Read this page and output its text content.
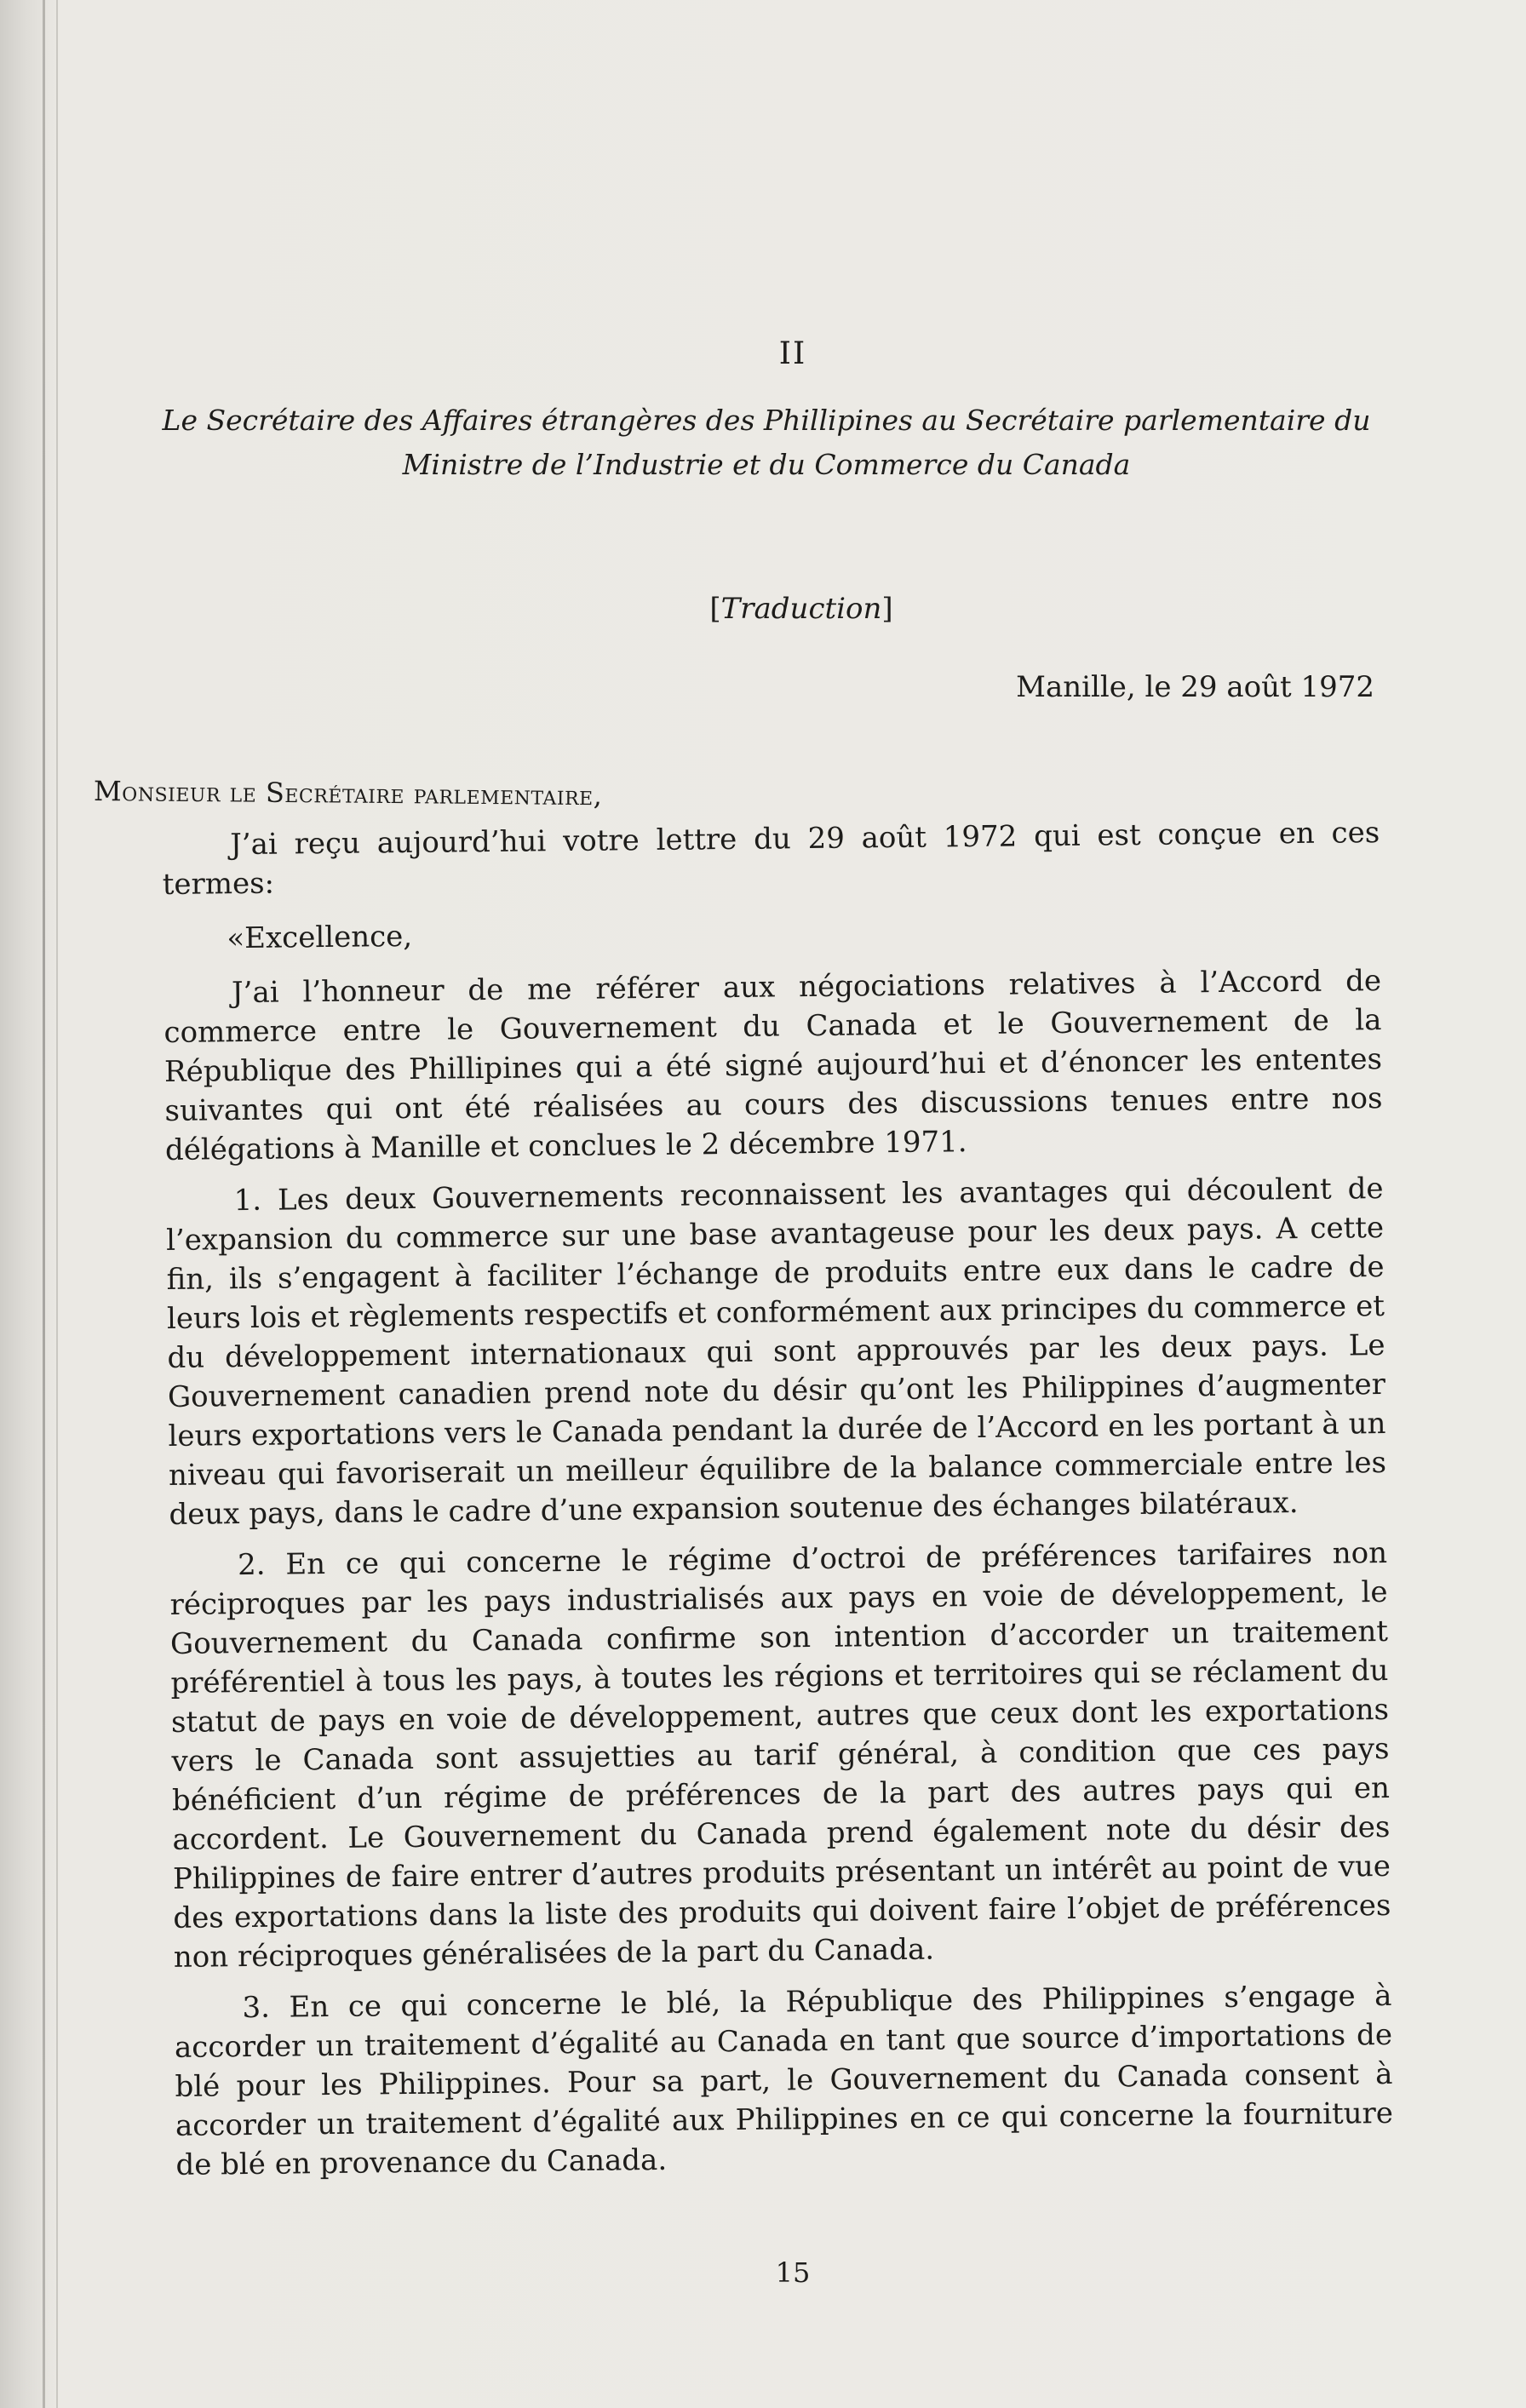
II
Le Secrétaire des Affaires étrangères des Phillipines au Secrétaire parlementaire du Ministre de l’Industrie et du Commerce du Canada
[Traduction]
Manille, le 29 août 1972
Monsieur le Secrétaire parlementaire,

J’ai reçu aujourd’hui votre lettre du 29 août 1972 qui est conçue en ces termes:

«Excellence,

J’ai l’honneur de me référer aux négociations relatives à l’Accord de commerce entre le Gouvernement du Canada et le Gouvernement de la République des Phillipines qui a été signé aujourd’hui et d’énoncer les ententes suivantes qui ont été réalisées au cours des discussions tenues entre nos délégations à Manille et conclues le 2 décembre 1971.

1. Les deux Gouvernements reconnaissent les avantages qui découlent de l’expansion du commerce sur une base avantageuse pour les deux pays. A cette fin, ils s’engagent à faciliter l’échange de produits entre eux dans le cadre de leurs lois et règlements respectifs et conformément aux principes du commerce et du développement internationaux qui sont approuvés par les deux pays. Le Gouvernement canadien prend note du désir qu’ont les Philippines d’augmenter leurs exportations vers le Canada pendant la durée de l’Accord en les portant à un niveau qui favoriserait un meilleur équilibre de la balance commerciale entre les deux pays, dans le cadre d’une expansion soutenue des échanges bilatéraux.

2. En ce qui concerne le régime d’octroi de préférences tarifaires non réciproques par les pays industrialisés aux pays en voie de développement, le Gouvernement du Canada confirme son intention d’accorder un traitement préférentiel à tous les pays, à toutes les régions et territoires qui se réclament du statut de pays en voie de développement, autres que ceux dont les exportations vers le Canada sont assujetties au tarif général, à condition que ces pays bénéficient d’un régime de préférences de la part des autres pays qui en accordent. Le Gouvernement du Canada prend également note du désir des Philippines de faire entrer d’autres produits présentant un intérêt au point de vue des exportations dans la liste des produits qui doivent faire l’objet de préférences non réciproques généralisées de la part du Canada.

3. En ce qui concerne le blé, la République des Philippines s’engage à accorder un traitement d’égalité au Canada en tant que source d’importations de blé pour les Philippines. Pour sa part, le Gouvernement du Canada consent à accorder un traitement d’égalité aux Philippines en ce qui concerne la fourniture de blé en provenance du Canada.

15
